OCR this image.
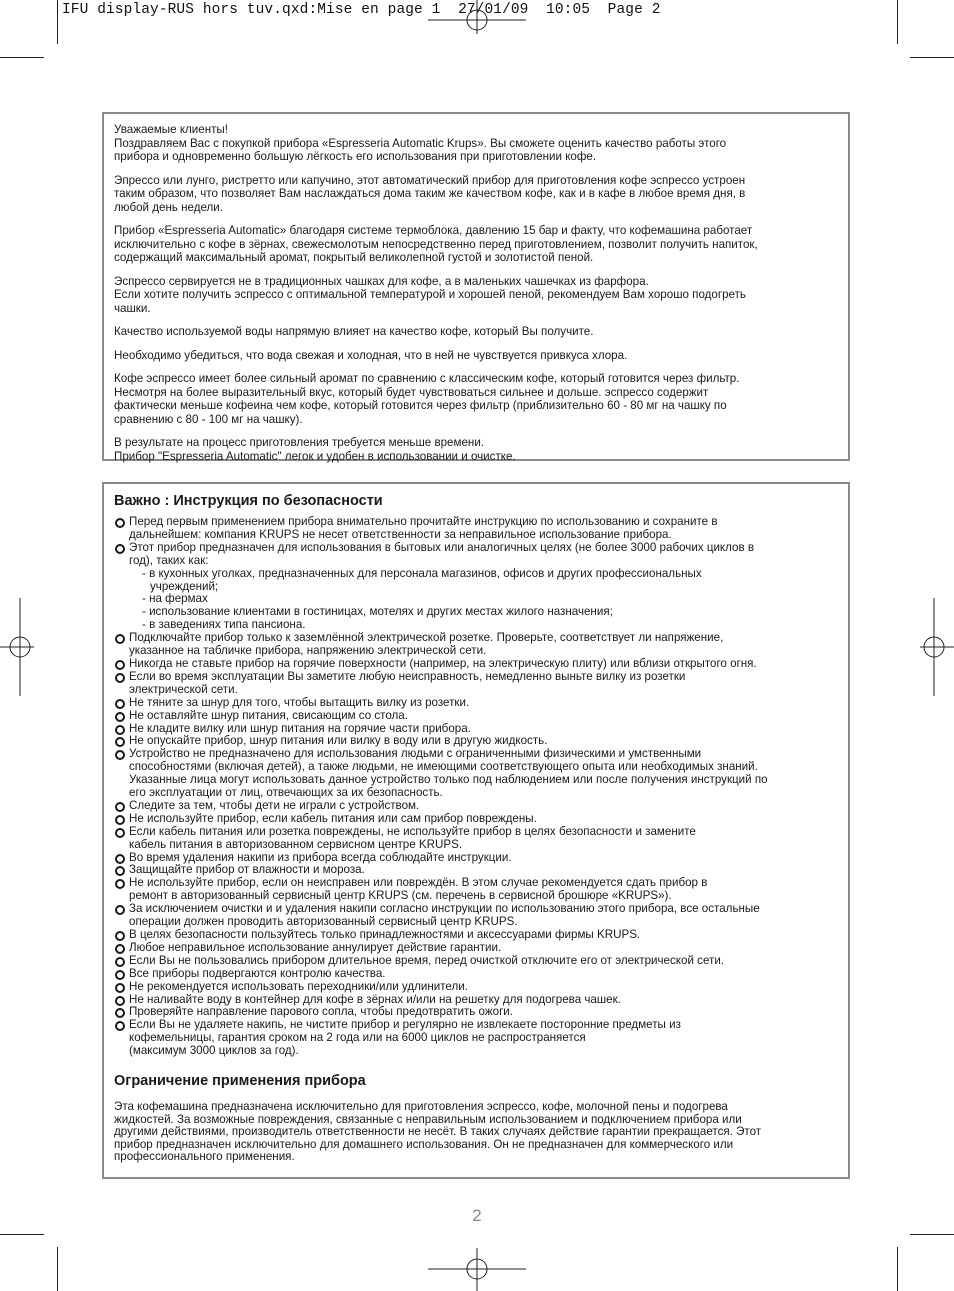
IFU display-RUS hors tuv.qxd:Mise en page 1  27/01/09  10:05  Page 2

Уважаемые клиенты!
Поздравляем Вас с покупкой прибора «Espresseria Automatic Krups». Вы сможете оценить качество работы этого
прибора и одновременно большую лёгкость его использования при приготовлении кофе.

Эпрессо или лунго, ристретто или капучино, этот автоматический прибор для приготовления кофе эспрессо устроен
таким образом, что позволяет Вам наслаждаться дома таким же качеством кофе, как и в кафе в любое время дня, в
любой день недели.

Прибор «Espresseria Automatic» благодаря системе термоблока, давлению 15 бар и факту, что кофемашина работает
исключительно с кофе в зёрнах, свежесмолотым непосредственно перед приготовлением, позволит получить напиток,
содержащий максимальный аромат, покрытый великолепной густой и золотистой пеной.

Эспрессо сервируется не в традиционных чашках для кофе, а в маленьких чашечках из фарфора.
Если хотите получить эспрессо с оптимальной температурой и хорошей пеной, рекомендуем Вам хорошо подогреть
чашки.

Качество используемой воды напрямую влияет на качество кофе, который Вы получите.

Необходимо убедиться, что вода свежая и холодная, что в ней не чувствуется привкуса хлора.

Кофе эспрессо имеет более сильный аромат по сравнению с классическим кофе, который готовится через фильтр.
Несмотря на более выразительный вкус, который будет чувствоваться сильнее и дольше. эспрессо содержит
фактически меньше кофеина чем кофе, который готовится через фильтр (приблизительно 60 - 80 мг на чашку по
сравнению с 80 - 100 мг на чашку).

В результате на процесс приготовления требуется меньше времени.
Прибор "Espresseria Automatic" легок и удобен в использовании и очистке.

Важно : Инструкция по безопасности
Перед первым применением прибора внимательно прочитайте инструкцию по использованию и сохраните в
дальнейшем: компания KRUPS не несет ответственности за неправильное использование прибора.
Этот прибор предназначен для использования в бытовых или аналогичных целях (не более 3000 рабочих циклов в
год), таких как:
- в кухонных уголках, предназначенных для персонала магазинов, офисов и других профессиональных
учреждений;
- на фермах
- использование клиентами в гостиницах, мотелях и других местах жилого назначения;
- в заведениях типа пансиона.
Подключайте прибор только к заземлённой электрической розетке. Проверьте, соответствует ли напряжение,
указанное на табличке прибора, напряжению электрической сети.
Никогда не ставьте прибор на горячие поверхности (например, на электрическую плиту) или вблизи открытого огня.
Если во время эксплуатации Вы заметите любую неисправность, немедленно выньте вилку из розетки
электрической сети.
Не тяните за шнур для того, чтобы вытащить вилку из розетки.
Не оставляйте шнур питания, свисающим со стола.
Не кладите вилку или шнур питания на горячие части прибора.
Не опускайте прибор, шнур питания или вилку в воду или в другую жидкость.
Устройство не предназначено для использования людьми с ограниченными физическими и умственными
способностями (включая детей), а также людьми, не имеющими соответствующего опыта или необходимых знаний.
Указанные лица могут использовать данное устройство только под наблюдением или после получения инструкций по
его эксплуатации от лиц, отвечающих за их безопасность.
Следите за тем, чтобы дети не играли с устройством.
Не используйте прибор, если кабель питания или сам прибор повреждены.
Если кабель питания или розетка повреждены, не используйте прибор в целях безопасности и замените
кабель питания в авторизованном сервисном центре KRUPS.
Во время удаления накипи из прибора всегда соблюдайте инструкции.
Защищайте прибор от влажности и мороза.
Не используйте прибор, если он неисправен или повреждён. В этом случае рекомендуется сдать прибор в
ремонт в авторизованный сервисный центр KRUPS (см. перечень в сервисной брошюре «KRUPS»).
За исключением очистки и и удаления накипи согласно инструкции по использованию этого прибора, все остальные
операции должен проводить авторизованный сервисный центр KRUPS.
В целях безопасности пользуйтесь только принадлежностями и аксессуарами фирмы KRUPS.
Любое неправильное использование аннулирует действие гарантии.
Если Вы не пользовались прибором длительное время, перед очисткой отключите его от электрической сети.
Все приборы подвергаются контролю качества.
Не рекомендуется использовать переходники/или удлинители.
Не наливайте воду в контейнер для кофе в зёрнах и/или на решетку для подогрева чашек.
Проверяйте направление парового сопла, чтобы предотвратить ожоги.
Если Вы не удаляете накипь, не чистите прибор и регулярно не извлекаете посторонние предметы из
кофемельницы, гарантия сроком на 2 года или на 6000 циклов не распространяется
(максимум 3000 циклов за год).
Ограничение применения прибора

Эта кофемашина предназначена исключительно для приготовления эспрессо, кофе, молочной пены и подогрева
жидкостей. За возможные повреждения, связанные с неправильным использованием и подключением прибора или
другими действиями, производитель ответственности не несёт. В таких случаях действие гарантии прекращается. Этот
прибор предназначен исключительно для домашнего использования. Он не предназначен для коммерческого или
профессионального применения.

2
